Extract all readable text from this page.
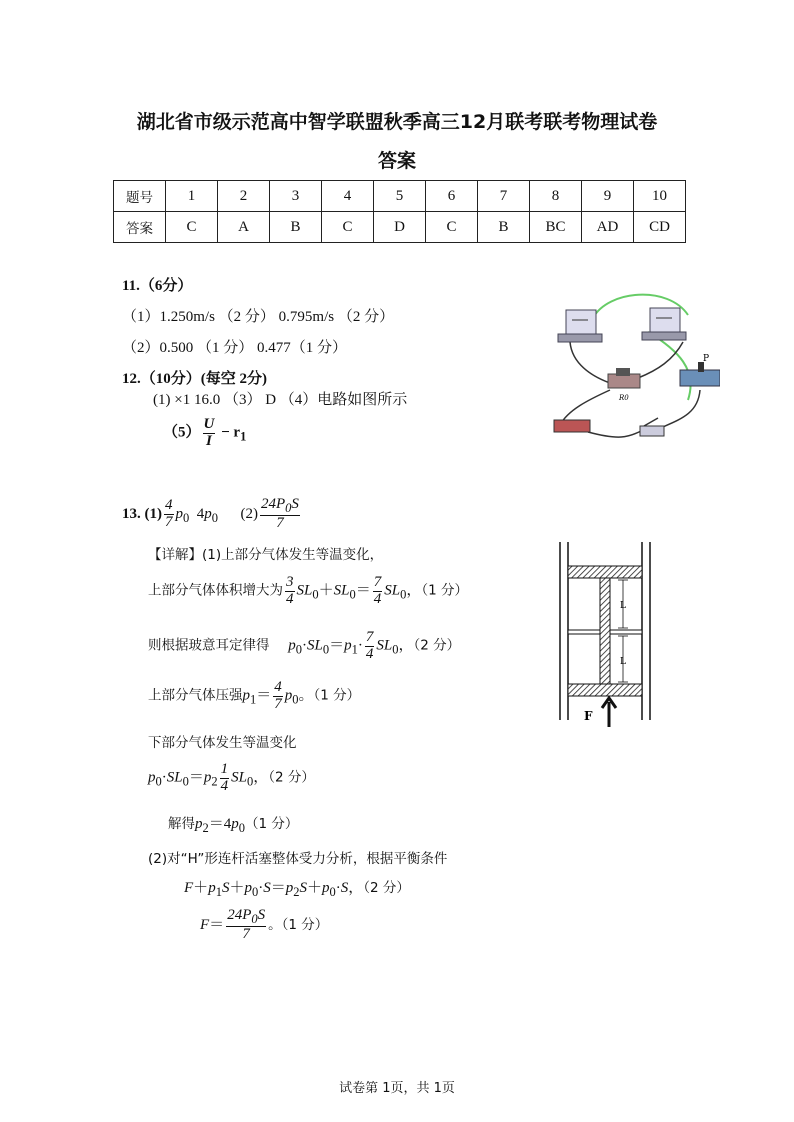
湖北省市级示范高中智学联盟秋季高三12月联考联考物理试卷
答案
题号	1	2	3	4	5	6	7	8	9	10
答案	C	A	B	C	D	C	B	BC	AD	CD
11.（6分）
（1）1.250m/s （2 分） 0.795m/s （2 分）
（2）0.500 （1 分） 0.477（1 分）
12.（10分）(每空 2分)
(1) ×1 16.0 （3） D （4）电路如图所示
$(5) \frac{U}{I} - r_1$
R0
P
13. $(1) \frac{4}{7} p_0$  $4p_0$      $(2) \frac{24P_0S}{7}$
【详解】(1)上部分气体发生等温变化，
上部分气体体积增大为 $\frac{3}{4} SL_0+SL_0= \frac{7}{4} SL_0$，（1 分）
则根据玻意耳定律得 $p_0\cdot SL_0=p_1\cdot \frac{7}{4} SL_0$，（2 分）
上部分气体压强$p_1= \frac{4}{7} p_0$。（1 分）
下部分气体发生等温变化
$p_0\cdot SL_0=p_2 \frac{1}{4} SL_0$，（2 分）
解得$p_2=4p_0(1$ 分）
(2)对“H”形连杆活塞整体受力分析，根据平衡条件
$F+p_1S+p_0\cdot S=p_2S+p_0\cdot S$，（2 分）
$F= \frac{24P_0S}{7}$ 。（1 分）
L
L
F
试卷第 1页，共 1页
